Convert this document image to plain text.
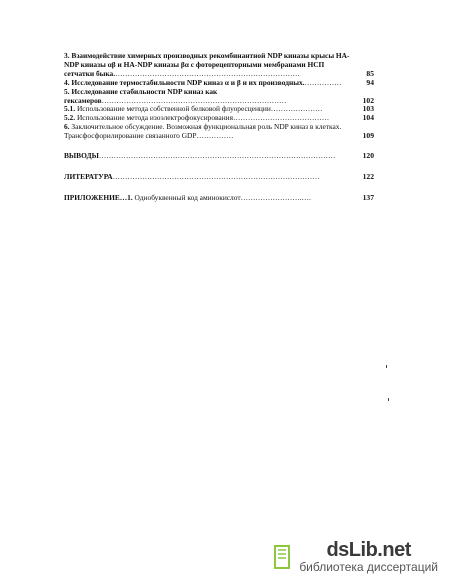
3. Взаимодействие химерных производных рекомбинантной NDP киназы крысы HA-NDP киназы αβ и HA-NDP киназы βα с фоторецепторными мембранами НСП сетчатки быка.…………………………………………………………………	85
4. Исследование термостабильности NDP киназ α и β и их производных.……………	94
5. Исследование стабильности NDP киназ как гексамеров…………………………………………………………………	102
5.1. Использование метода собственной белковой флуоресценции…………………	103
5.2. Использование метода изоэлектрофокусирования…………………………………	104
6. Заключительное обсуждение. Возможная функциональная роль NDP киназ в клетках. Трансфосфорилирование связанного GDP……………	109
ВЫВОДЫ……………………………………………………………………………………	120
ЛИТЕРАТУРА…………………………………………………………………………	122
ПРИЛОЖЕНИЕ…1. Однобуквенный код аминокислот…………………….….	137
dsLib.net
библиотека диссертаций
